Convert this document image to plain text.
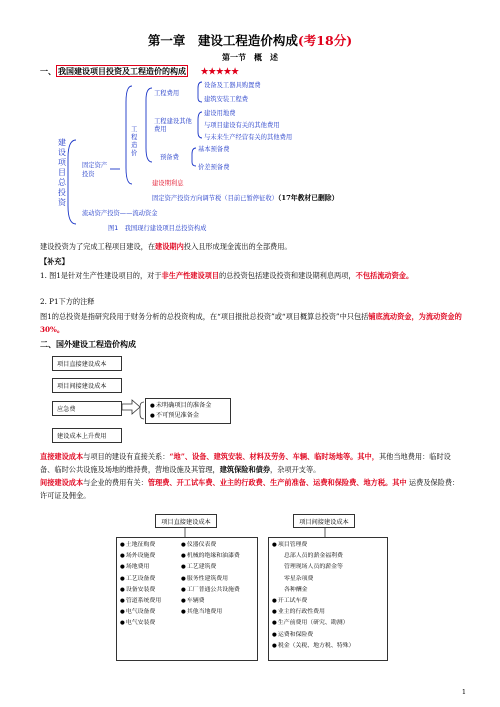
第一章　建设工程造价构成(考18分)
第一节　概　述
一、 我国建设项目投资及工程造价的构成 ★★★★★
建
设
项
目
总
投
资
固定资产投资
工程造价
工程费用
设备及工器具购置费
建筑安装工程费
工程建设其他费用
建设用地费
与项目建设有关的其他费用
与未来生产经营有关的其他费用
预备费
基本预备费
价差预备费
建设期利息
固定资产投资方向调节税（目前已暂停征收）（17年教材已删除）
流动资产投资——流动资金
图1　我国现行建设项目总投资构成
建设投资为了完成工程项目建设，在建设期内投入且形成现金流出的全部费用。
【补充】
1. 图1是针对生产性建设项目的，对于非生产性建设项目的总投资包括建设投资和建设期利息两项，不包括流动资金。
2. P1下方的注释
图1的总投资是指研究段用于财务分析的总投资构成，在“项目报批总投资”或“项目概算总投资”中只包括铺底流动资金，为流动资金的30%。
二、国外建设工程造价构成
项目直接建设成本
项目间接建设成本
应急费
建设成本上升费用
● 未明确项目的准备金
● 不可预见准备金
直接建设成本与项目的建设有直接关系：“地”、设备、建筑安装、材料及劳务、车辆、临时场地等。其中，其他当地费用：临时设备、临时公共设施及场地的维持费，营地设施及其管理，建筑保险和债券，杂项开支等。
间接建设成本与企业的费用有关：管理费、开工试车费、业主的行政费、生产前准备、运费和保险费、地方税。其中 运费及保险费：许可证及佣金。
项目直接建设成本	项目间接建设成本
● 土地征购费
● 场外设施费
● 场地费用
● 工艺设备费
● 设备安装费
● 管道系统费用
● 电气设备费
● 电气安装费
● 仪器仪表费
● 机械的绝缘和油漆费
● 工艺建筑费
● 服务性建筑费用
● 工厂普通公共设施费
● 车辆费
● 其他当地费用
● 项目管理费
总部人员的薪金福利费
管理现场人员的薪金等
零星杂项费
各种酬金
● 开工试车费
● 业主的行政性费用
● 生产前费用（研究、勘测）
● 运费和保险费
● 税金（关税、地方税、特殊）
1
